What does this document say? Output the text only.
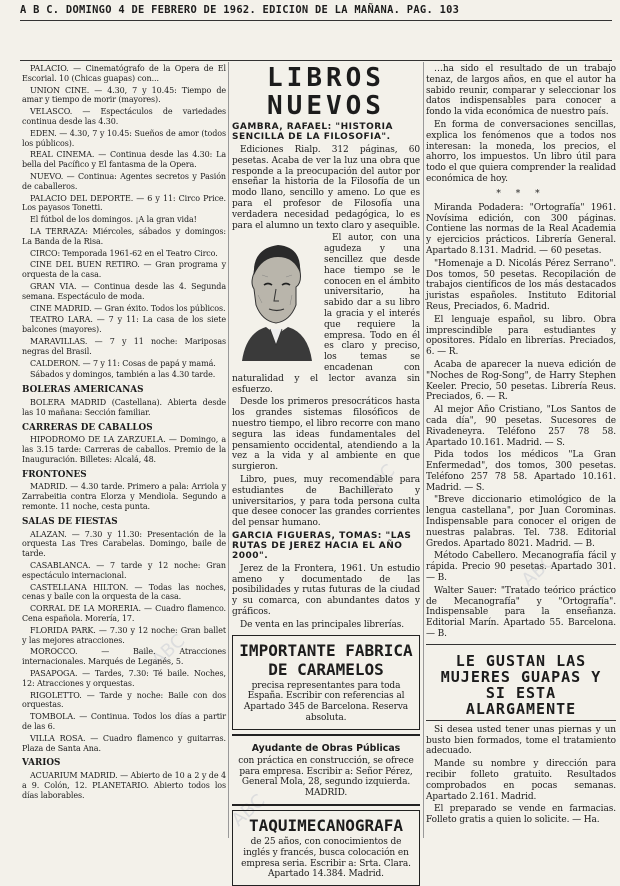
ABC
ABC
ABC
ABC
A B C. DOMINGO 4 DE FEBRERO DE 1962. EDICION DE LA MAÑANA. PAG. 103
PALACIO. — Cinematógrafo de la Opera de El Escorial. 10 (Chicas guapas) con...
UNION CINE. — 4.30, 7 y 10.45: Tiempo de amar y tiempo de morir (mayores).
VELASCO. — Espectáculos de variedades continua desde las 4.30.
EDEN. — 4.30, 7 y 10.45: Sueños de amor (todos los públicos).
REAL CINEMA. — Continua desde las 4.30: La bella del Pacífico y El fantasma de la Opera.
NUEVO. — Continua: Agentes secretos y Pasión de caballeros.
PALACIO DEL DEPORTE. — 6 y 11: Circo Price. Los payasos Tonetti.
El fútbol de los domingos. ¡A la gran vida!
LA TERRAZA: Miércoles, sábados y domingos: La Banda de la Risa.
CIRCO: Temporada 1961-62 en el Teatro Circo.
CINE DEL BUEN RETIRO. — Gran programa y orquesta de la casa.
GRAN VIA. — Continua desde las 4. Segunda semana. Espectáculo de moda.
CINE MADRID. — Gran éxito. Todos los públicos.
TEATRO LARA. — 7 y 11: La casa de los siete balcones (mayores).
MARAVILLAS. — 7 y 11 noche: Mariposas negras del Brasil.
CALDERON. — 7 y 11: Cosas de papá y mamá.
Sábados y domingos, también a las 4.30 tarde.
BOLERAS AMERICANAS
BOLERA MADRID (Castellana). Abierta desde las 10 mañana: Sección familiar.
CARRERAS DE CABALLOS
HIPODROMO DE LA ZARZUELA. — Domingo, a las 3.15 tarde: Carreras de caballos. Premio de la Inauguración. Billetes: Alcalá, 48.
FRONTONES
MADRID. — 4.30 tarde. Primero a pala: Arriola y Zarrabeitia contra Elorza y Mendiola. Segundo a remonte. 11 noche, cesta punta.
SALAS DE FIESTAS
ALAZAN. — 7.30 y 11.30: Presentación de la orquesta Las Tres Carabelas. Domingo, baile de tarde.
CASABLANCA. — 7 tarde y 12 noche: Gran espectáculo internacional.
CASTELLANA HILTON. — Todas las noches, cenas y baile con la orquesta de la casa.
CORRAL DE LA MORERIA. — Cuadro flamenco. Cena española. Morería, 17.
FLORIDA PARK. — 7.30 y 12 noche: Gran ballet y las mejores atracciones.
MOROCCO. — Baile. Atracciones internacionales. Marqués de Leganés, 5.
PASAPOGA. — Tardes, 7.30: Té baile. Noches, 12: Atracciones y orquestas.
RIGOLETTO. — Tarde y noche: Baile con dos orquestas.
TOMBOLA. — Continua. Todos los días a partir de las 6.
VILLA ROSA. — Cuadro flamenco y guitarras. Plaza de Santa Ana.
VARIOS
ACUARIUM MADRID. — Abierto de 10 a 2 y de 4 a 9. Colón, 12. PLANETARIO. Abierto todos los días laborables.
LIBROS NUEVOS
GAMBRA, RAFAEL: "HISTORIA SENCILLA DE LA FILOSOFIA".
Ediciones Rialp. 312 páginas, 60 pesetas. Acaba de ver la luz una obra que responde a la preocupación del autor por enseñar la historia de la Filosofía de un modo llano, sencillo y ameno. Lo que es para el profesor de Filosofía una verdadera necesidad pedagógica, lo es para el alumno un texto claro y asequible.
El autor, con una agudeza y una sencillez que desde hace tiempo se le conocen en el ámbito universitario, ha sabido dar a su libro la gracia y el interés que requiere la empresa. Todo en él es claro y preciso, los temas se encadenan con naturalidad y el lector avanza sin esfuerzo.
Desde los primeros presocráticos hasta los grandes sistemas filosóficos de nuestro tiempo, el libro recorre con mano segura las ideas fundamentales del pensamiento occidental, atendiendo a la vez a la vida y al ambiente en que surgieron.
Libro, pues, muy recomendable para estudiantes de Bachillerato y universitarios, y para toda persona culta que desee conocer las grandes corrientes del pensar humano.
GARCIA FIGUERAS, TOMAS: "LAS RUTAS DE JEREZ HACIA EL AÑO 2000".
Jerez de la Frontera, 1961. Un estudio ameno y documentado de las posibilidades y rutas futuras de la ciudad y su comarca, con abundantes datos y gráficos.
De venta en las principales librerías.
IMPORTANTE FABRICA DE CARAMELOS
precisa representantes para toda España. Escribir con referencias al Apartado 345 de Barcelona. Reserva absoluta.
Ayudante de Obras Públicas
con práctica en construcción, se ofrece para empresa. Escribir a: Señor Pérez, General Mola, 28, segundo izquierda. MADRID.
TAQUIMECANOGRAFA
de 25 años, con conocimientos de inglés y francés, busca colocación en empresa seria. Escribir a: Srta. Clara. Apartado 14.384. Madrid.
…ha sido el resultado de un trabajo tenaz, de largos años, en que el autor ha sabido reunir, comparar y seleccionar los datos indispensables para conocer a fondo la vida económica de nuestro país.
En forma de conversaciones sencillas, explica los fenómenos que a todos nos interesan: la moneda, los precios, el ahorro, los impuestos. Un libro útil para todo el que quiera comprender la realidad económica de hoy.
* * *
Miranda Podadera: "Ortografía" 1961. Novísima edición, con 300 páginas. Contiene las normas de la Real Academia y ejercicios prácticos. Librería General. Apartado 8.131. Madrid. — 60 pesetas.
"Homenaje a D. Nicolás Pérez Serrano". Dos tomos, 50 pesetas. Recopilación de trabajos científicos de los más destacados juristas españoles. Instituto Editorial Reus, Preciados, 6. Madrid.
El lenguaje español, su libro. Obra imprescindible para estudiantes y opositores. Pídalo en librerías. Preciados, 6. — R.
Acaba de aparecer la nueva edición de "Noches de Rog-Song", de Harry Stephen Keeler. Precio, 50 pesetas. Librería Reus. Preciados, 6. — R.
Al mejor Año Cristiano, "Los Santos de cada día", 90 pesetas. Sucesores de Rivadeneyra. Teléfono 257 78 58. Apartado 10.161. Madrid. — S.
Pida todos los médicos "La Gran Enfermedad", dos tomos, 300 pesetas. Teléfono 257 78 58. Apartado 10.161. Madrid. — S.
"Breve diccionario etimológico de la lengua castellana", por Juan Corominas. Indispensable para conocer el origen de nuestras palabras. Tel. 738. Editorial Gredos. Apartado 8021. Madrid. — B.
Método Cabellero. Mecanografía fácil y rápida. Precio 90 pesetas. Apartado 301. — B.
Walter Sauer: "Tratado teórico práctico de Mecanografía" y "Ortografía". Indispensable para la enseñanza. Editorial Marín. Apartado 55. Barcelona. — B.
LE GUSTAN LAS MUJERES GUAPAS Y SI ESTA ALARGAMENTE
Si desea usted tener unas piernas y un busto bien formados, tome el tratamiento adecuado.
Mande su nombre y dirección para recibir folleto gratuito. Resultados comprobados en pocas semanas. Apartado 2.161. Madrid.
El preparado se vende en farmacias. Folleto gratis a quien lo solicite. — Ha.
